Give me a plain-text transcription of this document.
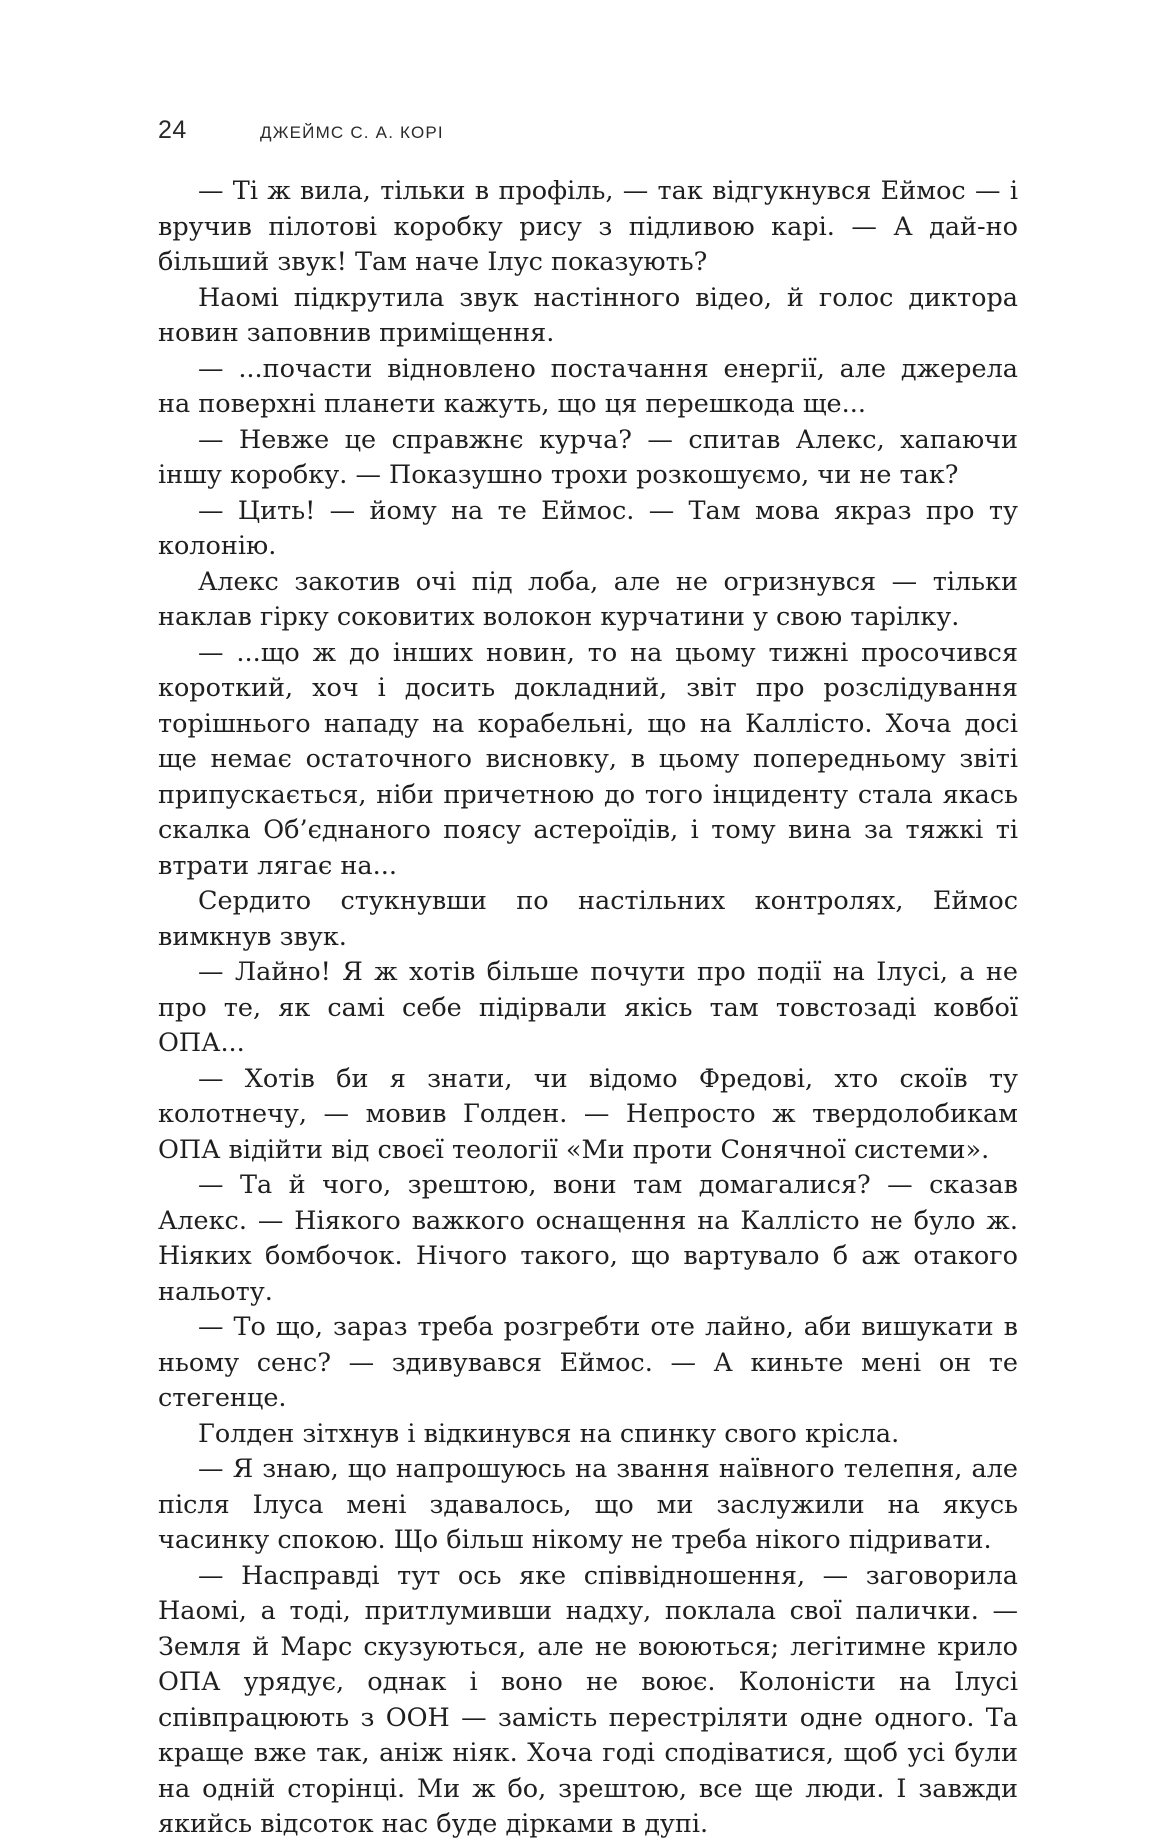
24	ДЖЕЙМС С. А. КОРІ

— Ті ж вила, тільки в профіль, — так відгукнувся Еймос — і вручив пілотові коробку рису з підливою карі. — А дай-но більший звук! Там наче Ілус показують?

Наомі підкрутила звук настінного відео, й голос диктора новин заповнив приміщення.

— ...почасти відновлено постачання енергії, але джерела на поверхні планети кажуть, що ця перешкода ще...

— Невже це справжнє курча? — спитав Алекс, хапаючи іншу коробку. — Показушно трохи розкошуємо, чи не так?

— Цить! — йому на те Еймос. — Там мова якраз про ту колонію.

Алекс закотив очі під лоба, але не огризнувся — тільки наклав гірку соковитих волокон курчатини у свою тарілку.

— ...що ж до інших новин, то на цьому тижні просочився короткий, хоч і досить докладний, звіт про розслідування торішнього нападу на корабельні, що на Каллісто. Хоча досі ще немає остаточного висновку, в цьому попередньому звіті припускається, ніби причетною до того інциденту стала якась скалка Об’єднаного поясу астероїдів, і тому вина за тяжкі ті втрати лягає на...

Сердито стукнувши по настільних контролях, Еймос вимкнув звук.

— Лайно! Я ж хотів більше почути про події на Ілусі, а не про те, як самі себе підірвали якісь там товстозаді ковбої ОПА...

— Хотів би я знати, чи відомо Фредові, хто скоїв ту колотнечу, — мовив Голден. — Непросто ж твердолобикам ОПА відійти від своєї теології «Ми проти Сонячної системи».

— Та й чого, зрештою, вони там домагалися? — сказав Алекс. — Ніякого важкого оснащення на Каллісто не було ж. Ніяких бомбочок. Нічого такого, що вартувало б аж отакого нальоту.

— То що, зараз треба розгребти оте лайно, аби вишукати в ньому сенс? — здивувався Еймос. — А киньте мені он те стегенце.

Голден зітхнув і відкинувся на спинку свого крісла.

— Я знаю, що напрошуюсь на звання наївного телепня, але після Ілуса мені здавалось, що ми заслужили на якусь часинку спокою. Що більш нікому не треба нікого підривати.

— Насправді тут ось яке співвідношення, — заговорила Наомі, а тоді, притлумивши надху, поклала свої палички. — Земля й Марс скузуються, але не воюються; легітимне крило ОПА урядує, однак і воно не воює. Колоністи на Ілусі співпрацюють з ООН — замість перестріляти одне одного. Та краще вже так, аніж ніяк. Хоча годі сподіватися, щоб усі були на одній сторінці. Ми ж бо, зрештою, все ще люди. І завжди якийсь відсоток нас буде дірками в дупі.
